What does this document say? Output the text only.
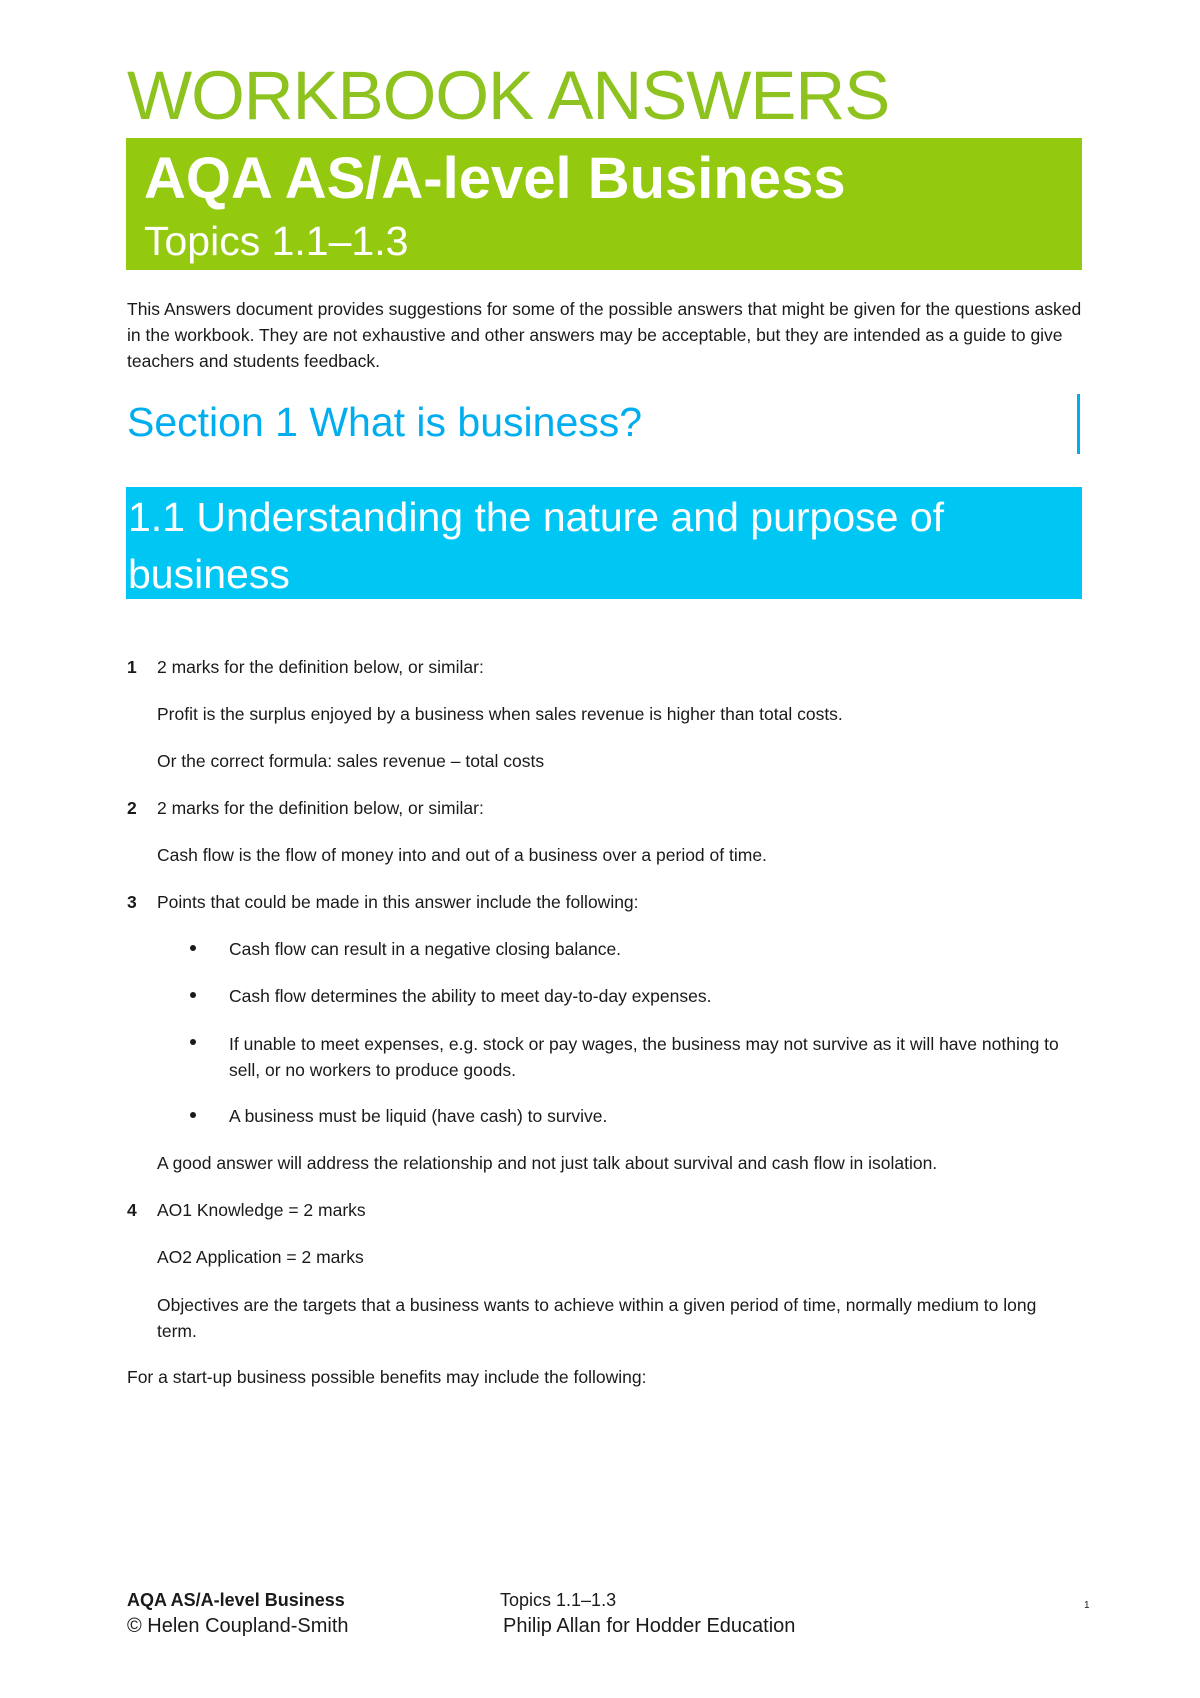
WORKBOOK ANSWERS
AQA AS/A-level Business
Topics 1.1–1.3
This Answers document provides suggestions for some of the possible answers that might be given for the questions asked in the workbook. They are not exhaustive and other answers may be acceptable, but they are intended as a guide to give teachers and students feedback.
Section 1 What is business?
1.1 Understanding the nature and purpose of business
1 2 marks for the definition below, or similar:
Profit is the surplus enjoyed by a business when sales revenue is higher than total costs.
Or the correct formula: sales revenue – total costs
2 2 marks for the definition below, or similar:
Cash flow is the flow of money into and out of a business over a period of time.
3 Points that could be made in this answer include the following:
Cash flow can result in a negative closing balance.
Cash flow determines the ability to meet day-to-day expenses.
If unable to meet expenses, e.g. stock or pay wages, the business may not survive as it will have nothing to sell, or no workers to produce goods.
A business must be liquid (have cash) to survive.
A good answer will address the relationship and not just talk about survival and cash flow in isolation.
4 AO1 Knowledge = 2 marks
AO2 Application = 2 marks
Objectives are the targets that a business wants to achieve within a given period of time, normally medium to long term.
For a start-up business possible benefits may include the following:
AQA AS/A-level Business
© Helen Coupland-Smith
Topics 1.1–1.3
Philip Allan for Hodder Education
1
